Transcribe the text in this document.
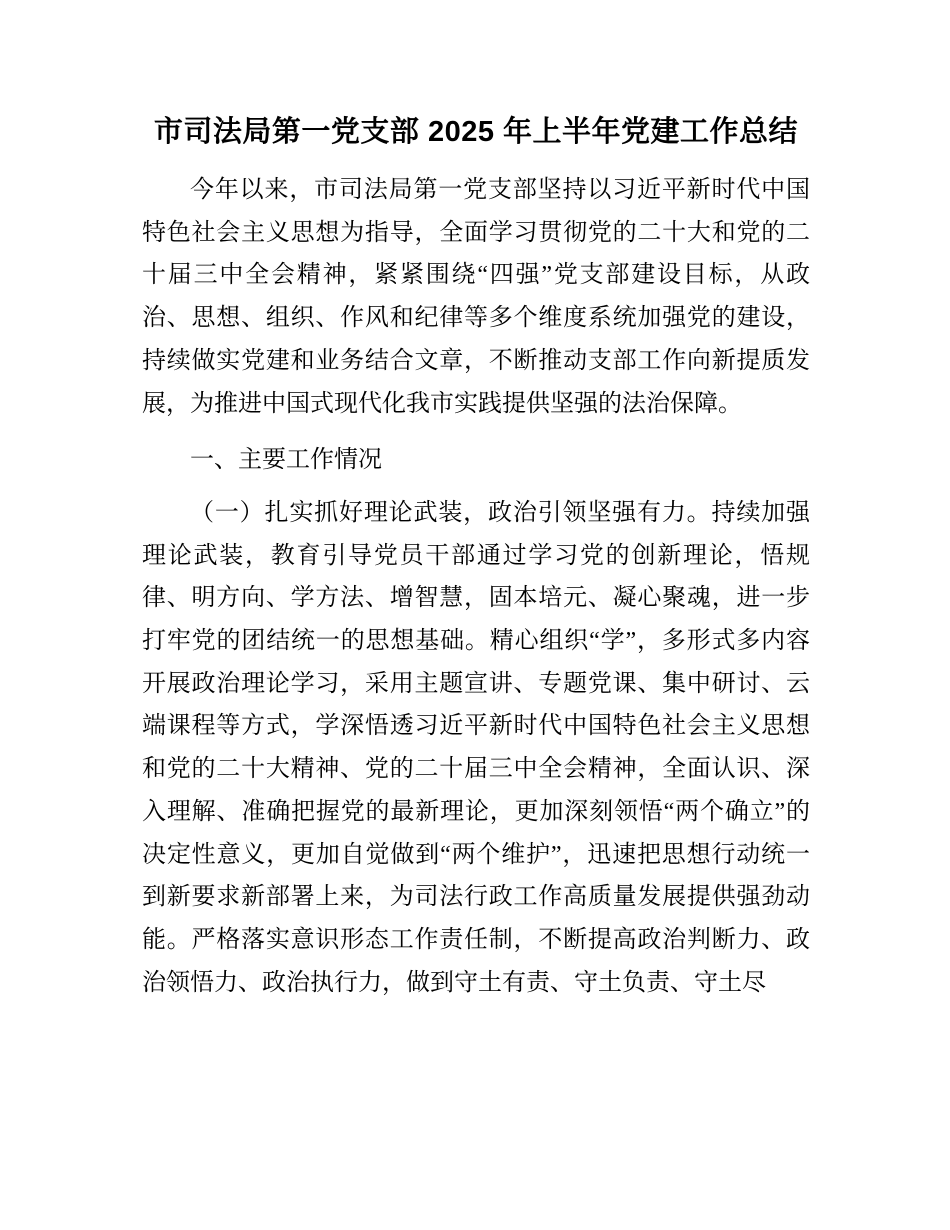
市司法局第一党支部 2025 年上半年党建工作总结

今年以来，市司法局第一党支部坚持以习近平新时代中国特色社会主义思想为指导，全面学习贯彻党的二十大和党的二十届三中全会精神，紧紧围绕“四强”党支部建设目标，从政治、思想、组织、作风和纪律等多个维度系统加强党的建设，持续做实党建和业务结合文章，不断推动支部工作向新提质发展，为推进中国式现代化我市实践提供坚强的法治保障。

一、主要工作情况

（一）扎实抓好理论武装，政治引领坚强有力。持续加强理论武装，教育引导党员干部通过学习党的创新理论，悟规律、明方向、学方法、增智慧，固本培元、凝心聚魂，进一步打牢党的团结统一的思想基础。精心组织“学”，多形式多内容开展政治理论学习，采用主题宣讲、专题党课、集中研讨、云端课程等方式，学深悟透习近平新时代中国特色社会主义思想和党的二十大精神、党的二十届三中全会精神，全面认识、深入理解、准确把握党的最新理论，更加深刻领悟“两个确立”的决定性意义，更加自觉做到“两个维护”，迅速把思想行动统一到新要求新部署上来，为司法行政工作高质量发展提供强劲动能。严格落实意识形态工作责任制，不断提高政治判断力、政治领悟力、政治执行力，做到守土有责、守土负责、守土尽
